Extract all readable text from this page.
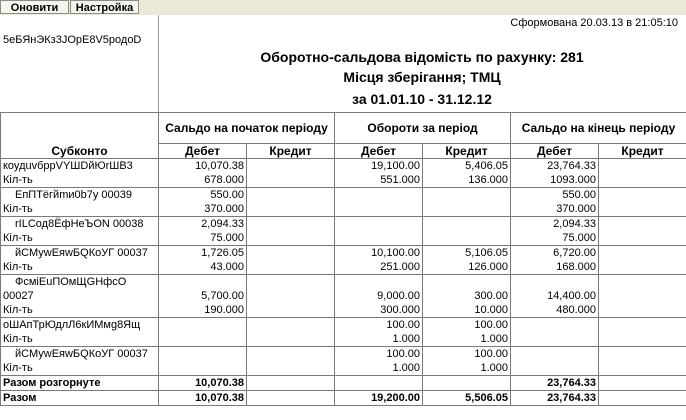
Оновити	Настройка
Сформована 20.03.13 в 21:05:10
5еБЯнЭКз3JОрЕ8V5родоD
Оборотно-сальдова відомість по рахунку: 281
Місця зберігання; ТМЦ
за 01.01.10 - 31.12.12
Субконто	Сальдо на початок періоду		Обороти за період		Сальдо на кінець періоду	
	Дебет	Кредит	Дебет	Кредит	Дебет	Кредит
коудuvбррVYШDйЮrШВ3	10,070.38		19,100.00	5,406.05	23,764.33	
Кіл-ть	678.000		551.000	136.000	1093.000	
ЕпПТёгйmи0b7у 00039	550.00				550.00	
Кіл-ть	370.000				370.000	
rILСод8ЁфНеЪОN 00038	2,094.33				2,094.33	
Кіл-ть	75.000				75.000	
йСМуwЕяwБQКоУГ 00037	1,726.05		10,100.00	5,106.05	6,720.00	
Кіл-ть	43.000		251.000	126.000	168.000	
ФсміЕuПОмЩGНфсО						
00027	5,700.00		9,000.00	300.00	14,400.00	
Кіл-ть	190.000		300.000	10.000	480.000	
оШАпТрЮдлЛ6кИМмg8Ящ			100.00	100.00		
Кіл-ть			1.000	1.000		
йСМуwЕяwБQКоУГ 00037			100.00	100.00		
Кіл-ть			1.000	1.000		
Разом розгорнуте	10,070.38				23,764.33	
Разом	10,070.38		19,200.00	5,506.05	23,764.33	
